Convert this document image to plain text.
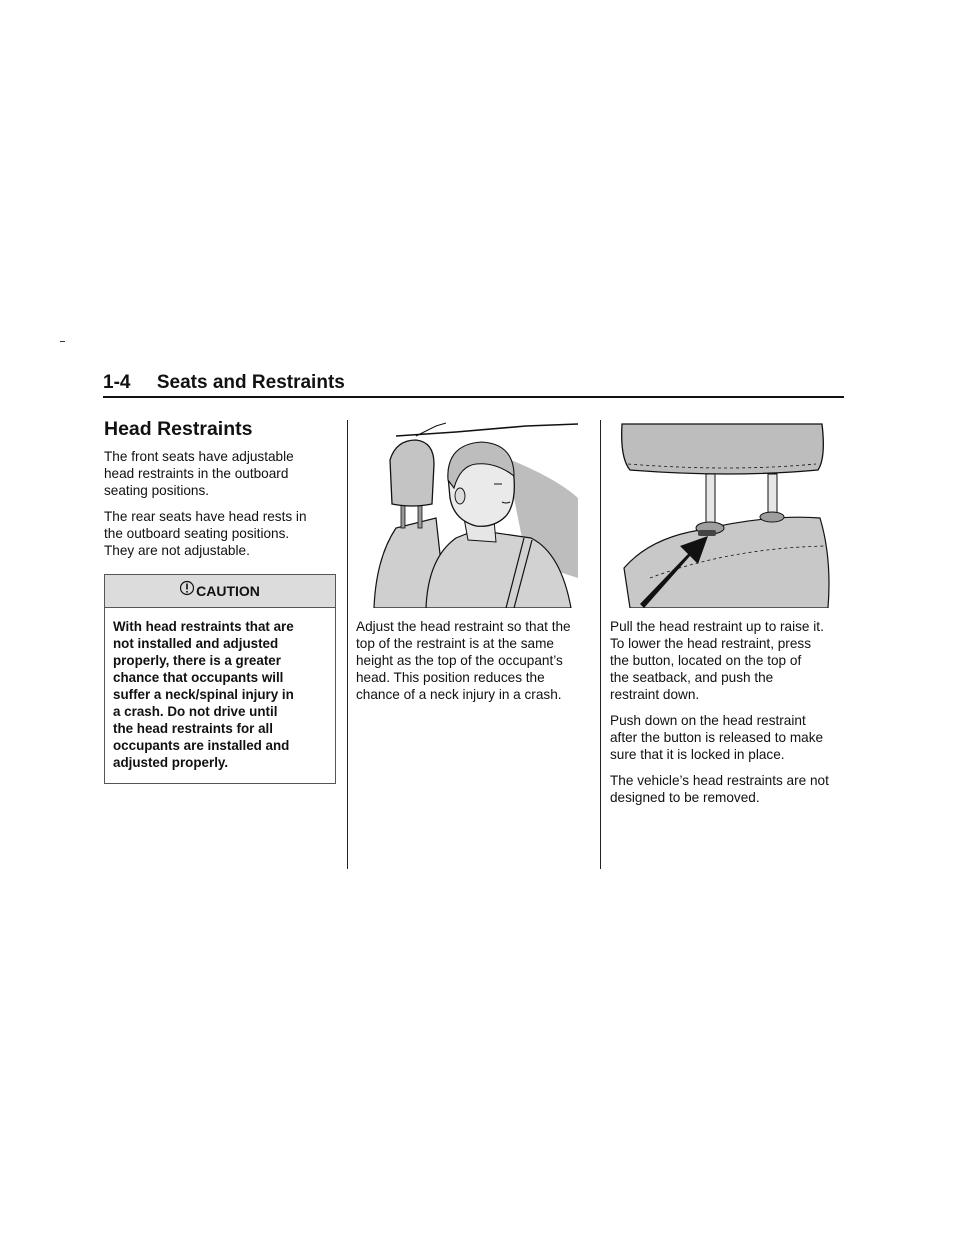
1-4 Seats and Restraints
Head Restraints

The front seats have adjustable
head restraints in the outboard
seating positions.

The rear seats have head rests in
the outboard seating positions.
They are not adjustable.

CAUTION
With head restraints that are
not installed and adjusted
properly, there is a greater
chance that occupants will
suffer a neck/spinal injury in
a crash. Do not drive until
the head restraints for all
occupants are installed and
adjusted properly.

Adjust the head restraint so that the
top of the restraint is at the same
height as the top of the occupant’s
head. This position reduces the
chance of a neck injury in a crash.

Pull the head restraint up to raise it.
To lower the head restraint, press
the button, located on the top of
the seatback, and push the
restraint down.

Push down on the head restraint
after the button is released to make
sure that it is locked in place.

The vehicle’s head restraints are not
designed to be removed.
